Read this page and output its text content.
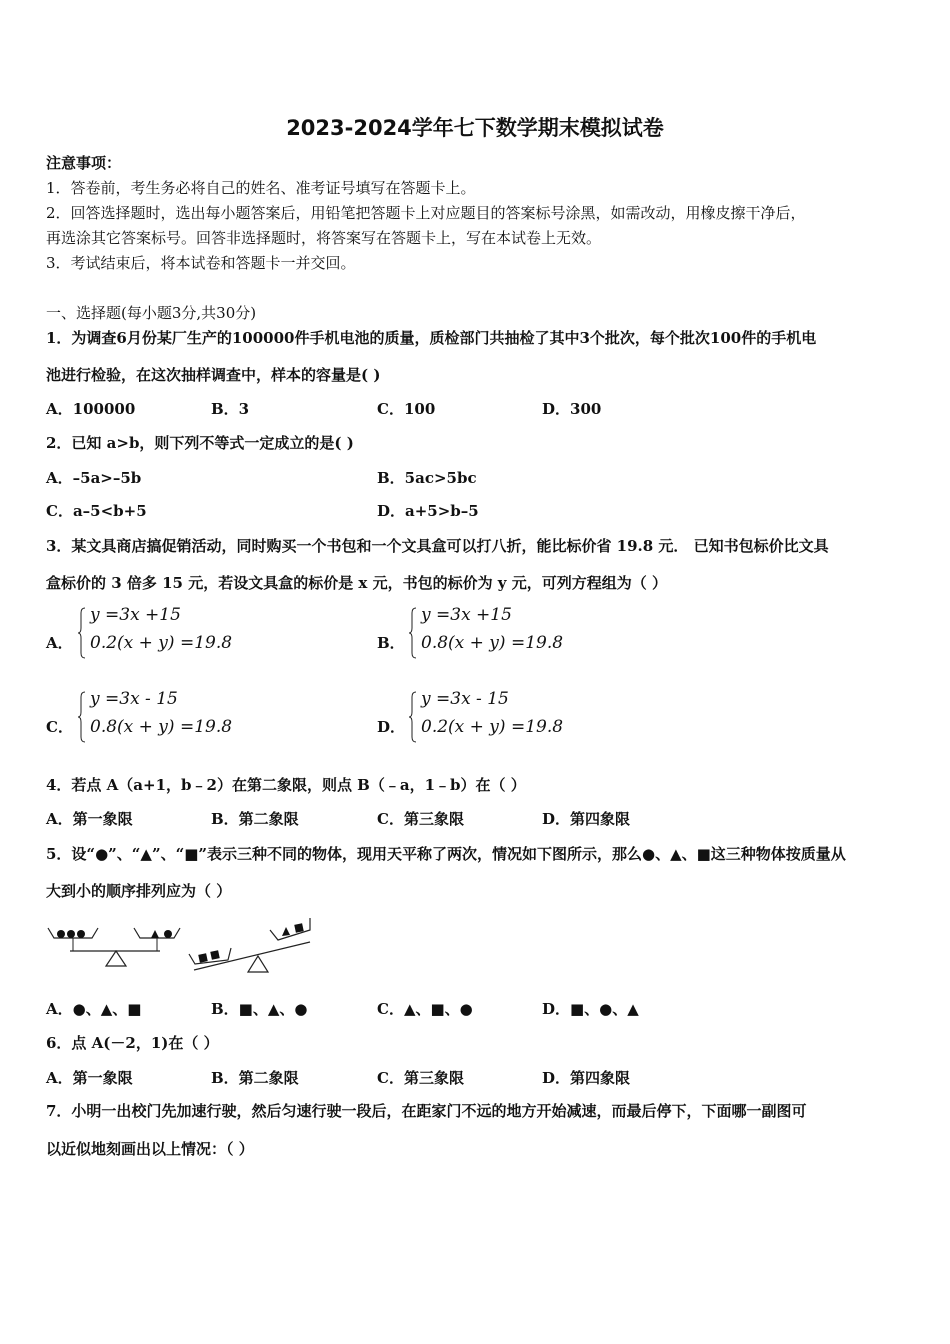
2023-2024学年七下数学期末模拟试卷
注意事项：
1．答卷前，考生务必将自己的姓名、准考证号填写在答题卡上。
2．回答选择题时，选出每小题答案后，用铅笔把答题卡上对应题目的答案标号涂黑，如需改动，用橡皮擦干净后，
再选涂其它答案标号。回答非选择题时，将答案写在答题卡上，写在本试卷上无效。
3．考试结束后，将本试卷和答题卡一并交回。
一、选择题(每小题3分,共30分)
1．为调查6月份某厂生产的100000件手机电池的质量，质检部门共抽检了其中3个批次，每个批次100件的手机电
池进行检验，在这次抽样调查中，样本的容量是( )
A．100000	B．3	C．100	D．300
2．已知 a>b，则下列不等式一定成立的是( )
A．–5a>–5b	B．5ac>5bc
C．a–5<b+5	D．a+5>b–5
3．某文具商店搞促销活动，同时购买一个书包和一个文具盒可以打八折，能比标价省 19.8 元． 已知书包标价比文具
盒标价的 3 倍多 15 元，若设文具盒的标价是 x 元，书包的标价为 y 元，可列方程组为（ ）
A．
y =3x +15
0.2(x + y) =19.8	B．
y =3x +15
0.8(x + y) =19.8
C．
y =3x - 15
0.8(x + y) =19.8	D．
y =3x - 15
0.2(x + y) =19.8
4．若点 A（a+1，b﹣2）在第二象限，则点 B（﹣a，1﹣b）在（ ）
A．第一象限	B．第二象限	C．第三象限	D．第四象限
5．设“●”、“▲”、“■”表示三种不同的物体，现用天平称了两次，情况如下图所示，那么●、▲、■这三种物体按质量从
大到小的顺序排列应为（ ）
A．●、▲、■	B．■、▲、●	C．▲、■、●	D．■、●、▲
6．点 A(－2，1)在（ ）
A．第一象限	B．第二象限	C．第三象限	D．第四象限
7．小明一出校门先加速行驶，然后匀速行驶一段后，在距家门不远的地方开始减速，而最后停下，下面哪一副图可
以近似地刻画出以上情况：（ ）
